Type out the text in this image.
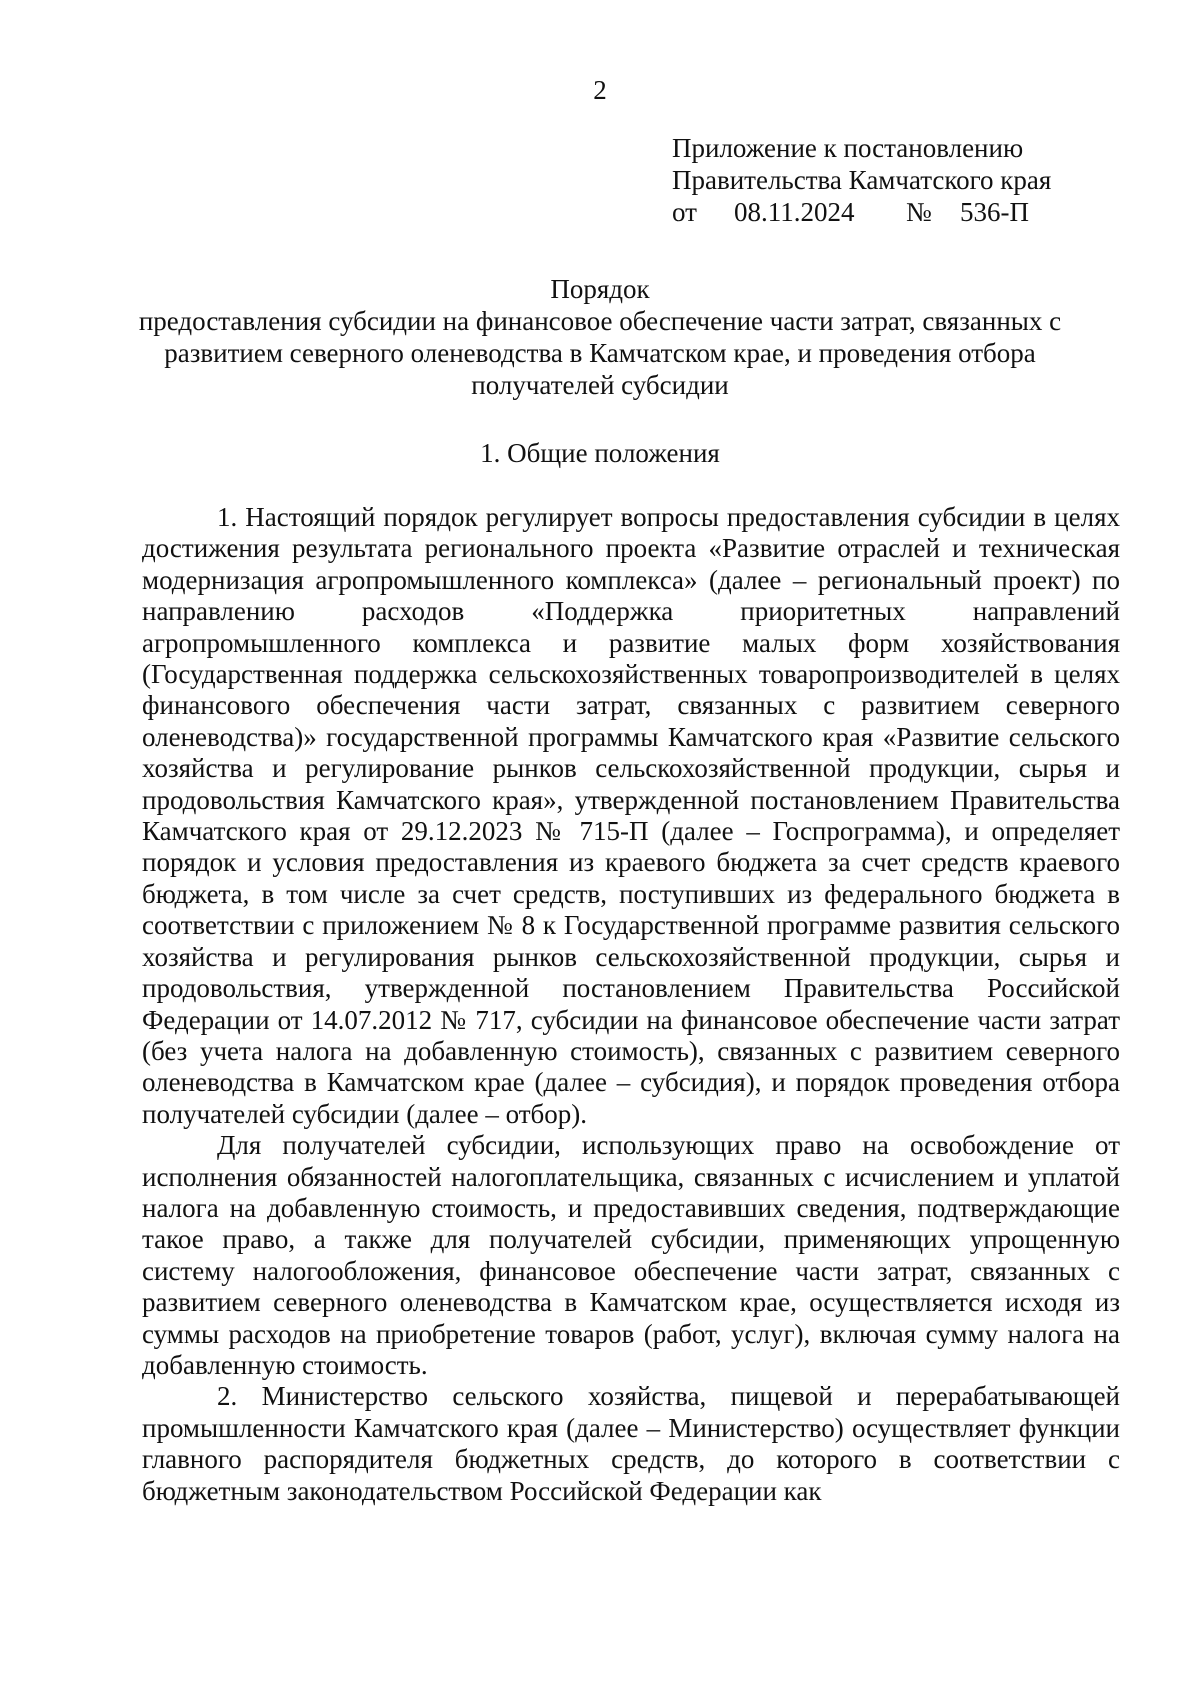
2
Приложение к постановлению
Правительства Камчатского края
от 08.11.2024 № 536-П
Порядок
предоставления субсидии на финансовое обеспечение части затрат, связанных с
развитием северного оленеводства в Камчатском крае, и проведения отбора
получателей субсидии
1. Общие положения

1. Настоящий порядок регулирует вопросы предоставления субсидии в целях достижения результата регионального проекта «Развитие отраслей и техническая модернизация агропромышленного комплекса» (далее – региональный проект) по направлению расходов «Поддержка приоритетных направлений агропромышленного комплекса и развитие малых форм хозяйствования (Государственная поддержка сельскохозяйственных товаропроизводителей в целях финансового обеспечения части затрат, связанных с развитием северного оленеводства)» государственной программы Камчатского края «Развитие сельского хозяйства и регулирование рынков сельскохозяйственной продукции, сырья и продовольствия Камчатского края», утвержденной постановлением Правительства Камчатского края от 29.12.2023 № 715-П (далее – Госпрограмма), и определяет порядок и условия предоставления из краевого бюджета за счет средств краевого бюджета, в том числе за счет средств, поступивших из федерального бюджета в соответствии с приложением № 8 к Государственной программе развития сельского хозяйства и регулирования рынков сельскохозяйственной продукции, сырья и продовольствия, утвержденной постановлением Правительства Российской Федерации от 14.07.2012 № 717, субсидии на финансовое обеспечение части затрат (без учета налога на добавленную стоимость), связанных с развитием северного оленеводства в Камчатском крае (далее – субсидия), и порядок проведения отбора получателей субсидии (далее – отбор).

Для получателей субсидии, использующих право на освобождение от исполнения обязанностей налогоплательщика, связанных с исчислением и уплатой налога на добавленную стоимость, и предоставивших сведения, подтверждающие такое право, а также для получателей субсидии, применяющих упрощенную систему налогообложения, финансовое обеспечение части затрат, связанных с развитием северного оленеводства в Камчатском крае, осуществляется исходя из суммы расходов на приобретение товаров (работ, услуг), включая сумму налога на добавленную стоимость.

2. Министерство сельского хозяйства, пищевой и перерабатывающей промышленности Камчатского края (далее – Министерство) осуществляет функции главного распорядителя бюджетных средств, до которого в соответствии с бюджетным законодательством Российской Федерации как
